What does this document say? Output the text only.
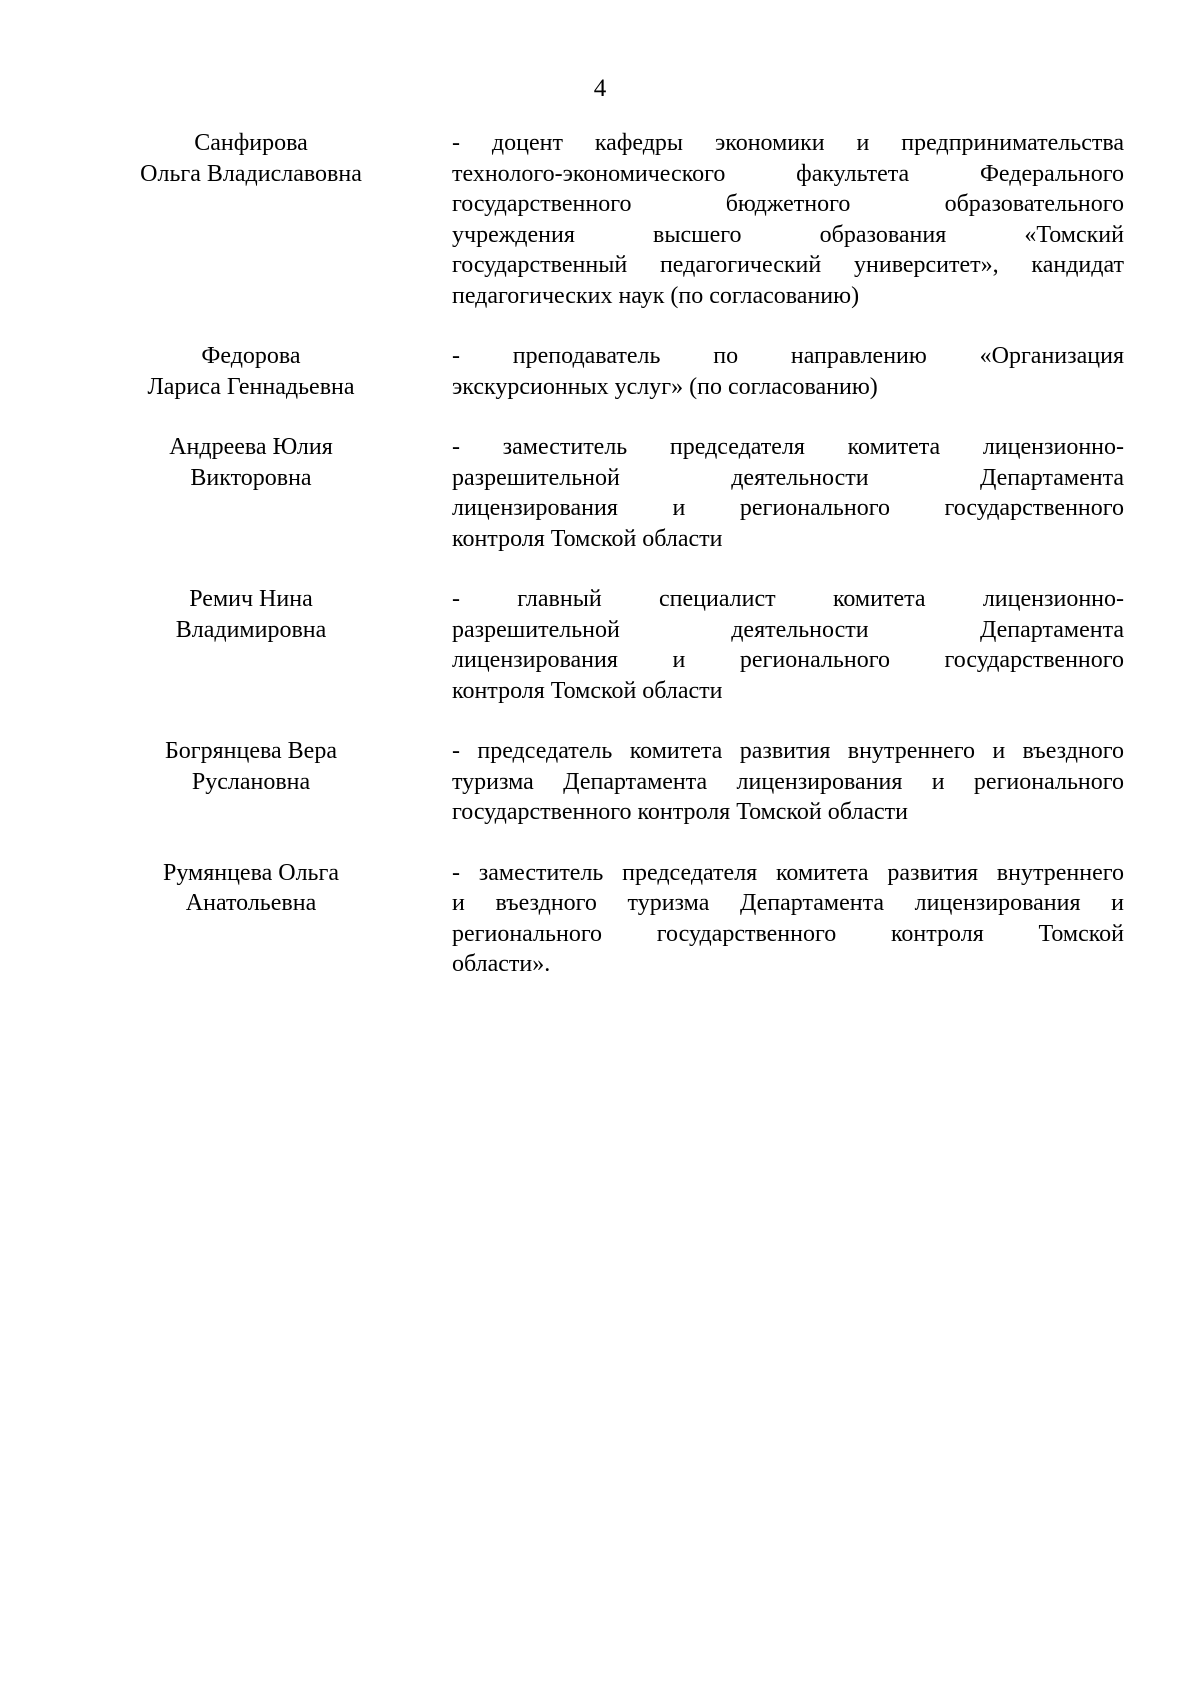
4
Санфирова
Ольга Владиславовна
- доцент кафедры экономики и предпринимательства
технолого-экономического факультета Федерального
государственного бюджетного образовательного
учреждения высшего образования «Томский
государственный педагогический университет», кандидат
педагогических наук (по согласованию)
Федорова
Лариса Геннадьевна
- преподаватель по направлению «Организация
экскурсионных услуг» (по согласованию)
Андреева Юлия
Викторовна
- заместитель председателя комитета лицензионно-
разрешительной деятельности Департамента
лицензирования и регионального государственного
контроля Томской области
Ремич Нина
Владимировна
- главный специалист комитета лицензионно-
разрешительной деятельности Департамента
лицензирования и регионального государственного
контроля Томской области
Богрянцева Вера
Руслановна
- председатель комитета развития внутреннего и въездного
туризма Департамента лицензирования и регионального
государственного контроля Томской области
Румянцева Ольга
Анатольевна
- заместитель председателя комитета развития внутреннего
и въездного туризма Департамента лицензирования и
регионального государственного контроля Томской
области».
